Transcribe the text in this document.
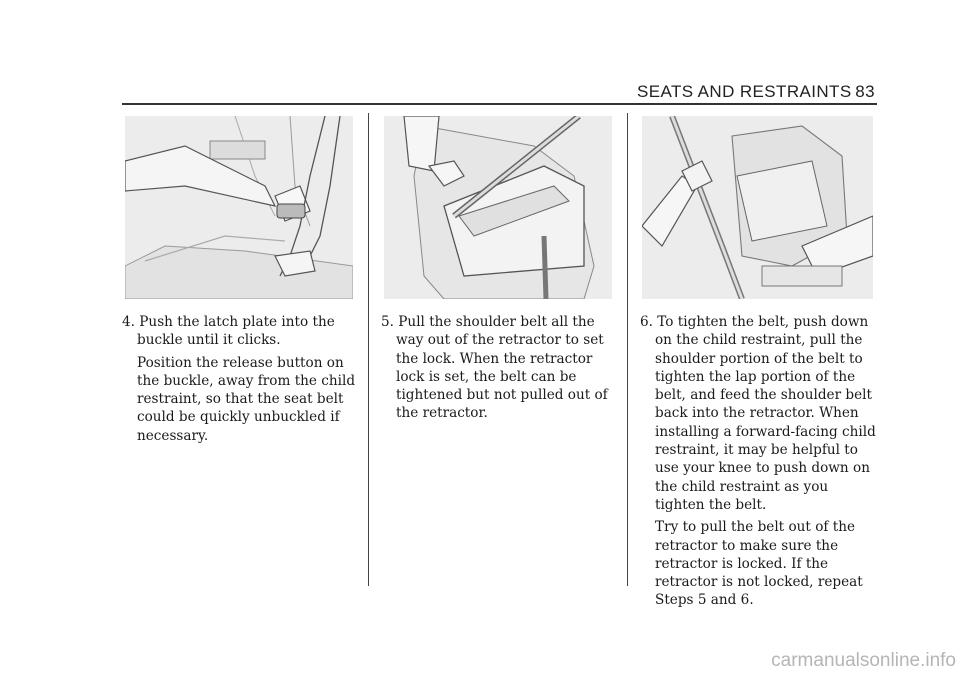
SEATS AND RESTRAINTS 83

4. Push the latch plate into the buckle until it clicks.

Position the release button on the buckle, away from the child restraint, so that the seat belt could be quickly unbuckled if necessary.

5. Pull the shoulder belt all the way out of the retractor to set the lock. When the retractor lock is set, the belt can be tightened but not pulled out of the retractor.

6. To tighten the belt, push down on the child restraint, pull the shoulder portion of the belt to tighten the lap portion of the belt, and feed the shoulder belt back into the retractor. When installing a forward-facing child restraint, it may be helpful to use your knee to push down on the child restraint as you tighten the belt.

Try to pull the belt out of the retractor to make sure the retractor is locked. If the retractor is not locked, repeat Steps 5 and 6.

carmanualsonline.info
